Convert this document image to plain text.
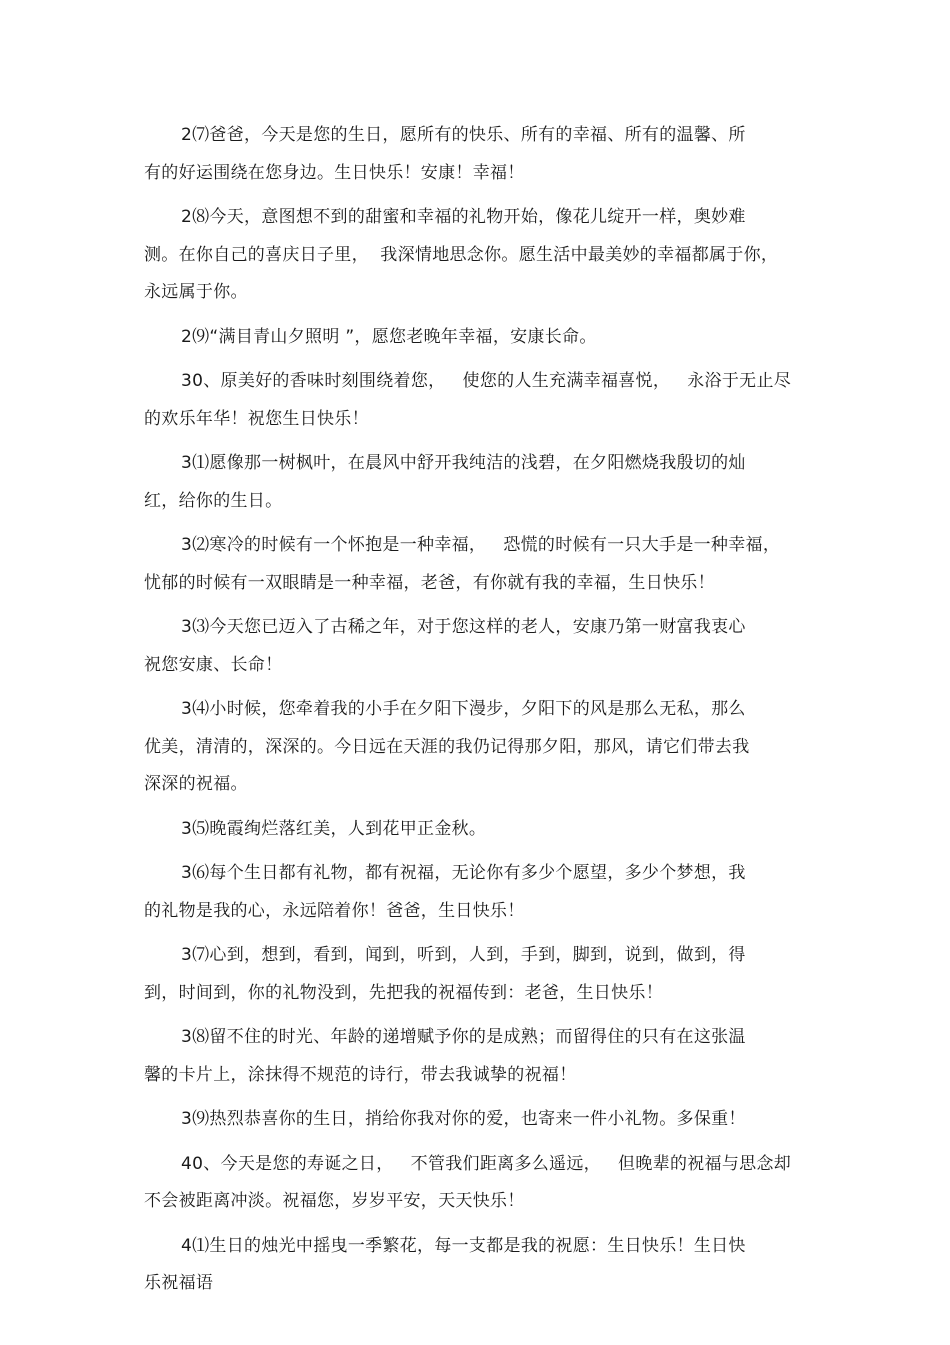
2⑺爸爸，今天是您的生日，愿所有的快乐、所有的幸福、所有的温馨、所
有的好运围绕在您身边。生日快乐！安康！幸福！
2⑻今天，意图想不到的甜蜜和幸福的礼物开始，像花儿绽开一样，奥妙难
测。在你自己的喜庆日子里，  我深情地思念你。愿生活中最美妙的幸福都属于你，
永远属于你。
2⑼“满目青山夕照明 ”，愿您老晚年幸福，安康长命。
30、原美好的香味时刻围绕着您，   使您的人生充满幸福喜悦，   永浴于无止尽
的欢乐年华！祝您生日快乐！
3⑴愿像那一树枫叶，在晨风中舒开我纯洁的浅碧，在夕阳燃烧我殷切的灿
红，给你的生日。
3⑵寒冷的时候有一个怀抱是一种幸福，   恐慌的时候有一只大手是一种幸福，
忧郁的时候有一双眼睛是一种幸福，老爸，有你就有我的幸福，生日快乐！
3⑶今天您已迈入了古稀之年，对于您这样的老人，安康乃第一财富我衷心
祝您安康、长命！
3⑷小时候，您牵着我的小手在夕阳下漫步，夕阳下的风是那么无私，那么
优美，清清的，深深的。今日远在天涯的我仍记得那夕阳，那风，请它们带去我
深深的祝福。
3⑸晚霞绚烂落红美，人到花甲正金秋。
3⑹每个生日都有礼物，都有祝福，无论你有多少个愿望，多少个梦想，我
的礼物是我的心，永远陪着你！爸爸，生日快乐！
3⑺心到，想到，看到，闻到，听到，人到，手到，脚到，说到，做到，得
到，时间到，你的礼物没到，先把我的祝福传到：老爸，生日快乐！
3⑻留不住的时光、年龄的递增赋予你的是成熟；而留得住的只有在这张温
馨的卡片上，涂抹得不规范的诗行，带去我诚挚的祝福！
3⑼热烈恭喜你的生日，捎给你我对你的爱，也寄来一件小礼物。多保重！
40、今天是您的寿诞之日，   不管我们距离多么遥远，   但晚辈的祝福与思念却
不会被距离冲淡。祝福您，岁岁平安，天天快乐！
4⑴生日的烛光中摇曳一季繁花，每一支都是我的祝愿：生日快乐！生日快
乐祝福语
